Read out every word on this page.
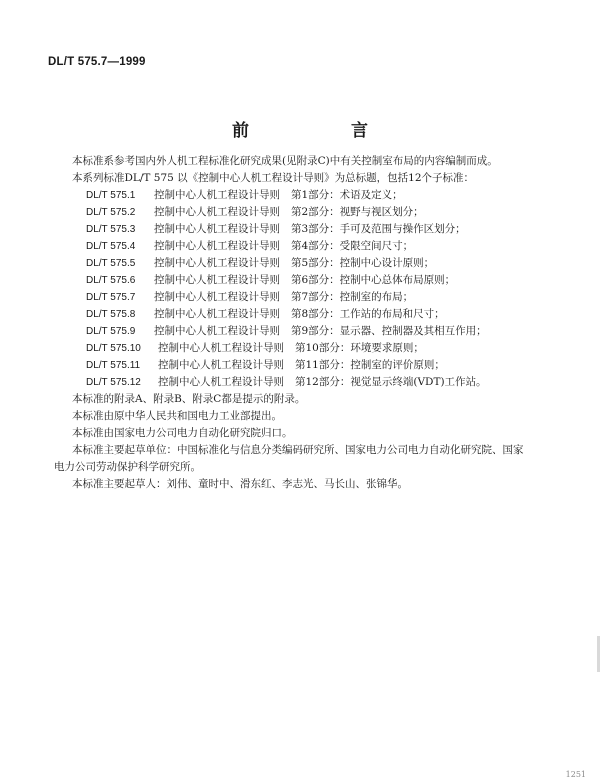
DL/T 575.7—1999
前 言

本标准系参考国内外人机工程标准化研究成果(见附录C)中有关控制室布局的内容编制而成。

本系列标准DL/T 575 以《控制中心人机工程设计导则》为总标题，包括12个子标准：

DL/T 575.1	控制中心人机工程设计导则	第1部分：术语及定义；
DL/T 575.2	控制中心人机工程设计导则	第2部分：视野与视区划分；
DL/T 575.3	控制中心人机工程设计导则	第3部分：手可及范围与操作区划分；
DL/T 575.4	控制中心人机工程设计导则	第4部分：受限空间尺寸；
DL/T 575.5	控制中心人机工程设计导则	第5部分：控制中心设计原则；
DL/T 575.6	控制中心人机工程设计导则	第6部分：控制中心总体布局原则；
DL/T 575.7	控制中心人机工程设计导则	第7部分：控制室的布局；
DL/T 575.8	控制中心人机工程设计导则	第8部分：工作站的布局和尺寸；
DL/T 575.9	控制中心人机工程设计导则	第9部分：显示器、控制器及其相互作用；
DL/T 575.10	控制中心人机工程设计导则	第10部分：环境要求原则；
DL/T 575.11	控制中心人机工程设计导则	第11部分：控制室的评价原则；
DL/T 575.12	控制中心人机工程设计导则	第12部分：视觉显示终端(VDT)工作站。

本标准的附录A、附录B、附录C都是提示的附录。

本标准由原中华人民共和国电力工业部提出。

本标准由国家电力公司电力自动化研究院归口。

本标准主要起草单位：中国标准化与信息分类编码研究所、国家电力公司电力自动化研究院、国家
电力公司劳动保护科学研究所。

本标准主要起草人：刘伟、童时中、滑东红、李志光、马长山、张锦华。

1251
